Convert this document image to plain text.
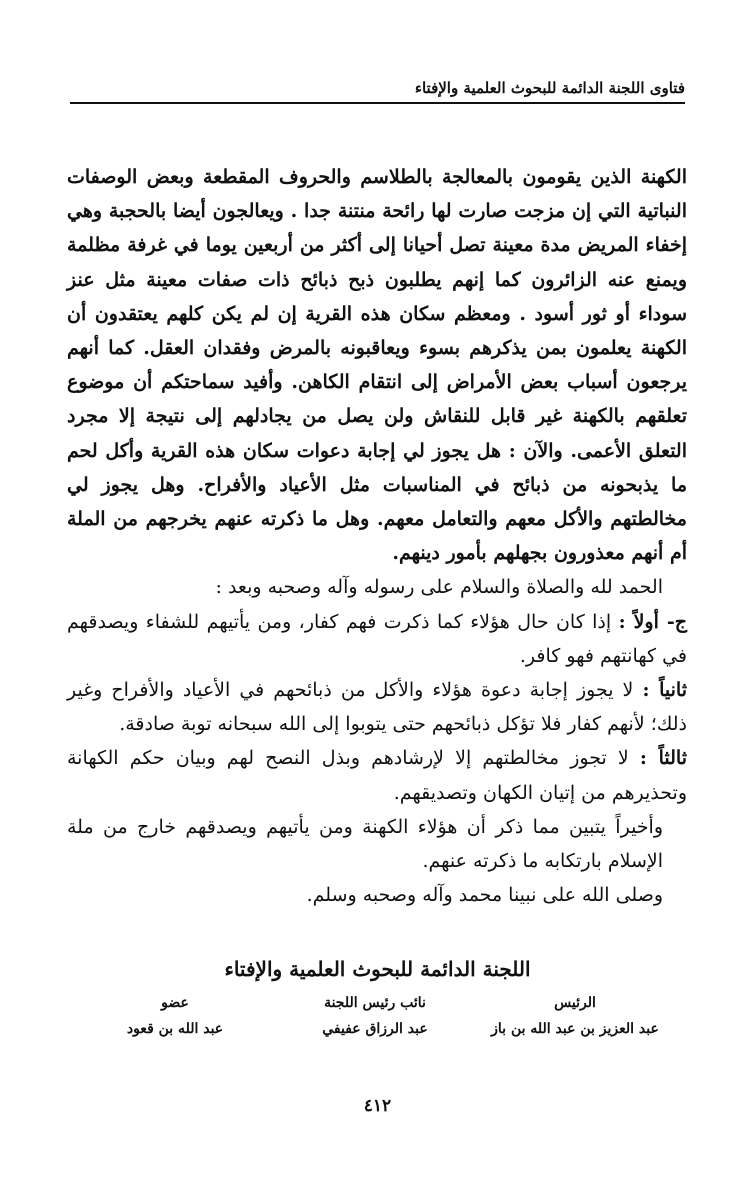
فتاوى اللجنة الدائمة للبحوث العلمية والإفتاء

الكهنة الذين يقومون بالمعالجة بالطلاسم والحروف المقطعة وبعض الوصفات النباتية التي إن مزجت صارت لها رائحة منتنة جدا . ويعالجون أيضا بالحجبة وهي إخفاء المريض مدة معينة تصل أحيانا إلى أكثر من أربعين يوما في غرفة مظلمة ويمنع عنه الزائرون كما إنهم يطلبون ذبح ذبائح ذات صفات معينة مثل عنز سوداء أو ثور أسود . ومعظم سكان هذه القرية إن لم يكن كلهم يعتقدون أن الكهنة يعلمون بمن يذكرهم بسوء ويعاقبونه بالمرض وفقدان العقل. كما أنهم يرجعون أسباب بعض الأمراض إلى انتقام الكاهن. وأفيد سماحتكم أن موضوع تعلقهم بالكهنة غير قابل للنقاش ولن يصل من يجادلهم إلى نتيجة إلا مجرد التعلق الأعمى. والآن : هل يجوز لي إجابة دعوات سكان هذه القرية وأكل لحم ما يذبحونه من ذبائح في المناسبات مثل الأعياد والأفراح. وهل يجوز لي مخالطتهم والأكل معهم والتعامل معهم. وهل ما ذكرته عنهم يخرجهم من الملة أم أنهم معذورون بجهلهم بأمور دينهم.

الحمد لله والصلاة والسلام على رسوله وآله وصحبه وبعد :

ج- أولاً : إذا كان حال هؤلاء كما ذكرت فهم كفار، ومن يأتيهم للشفاء ويصدقهم في كهانتهم فهو كافر.

ثانياً : لا يجوز إجابة دعوة هؤلاء والأكل من ذبائحهم في الأعياد والأفراح وغير ذلك؛ لأنهم كفار فلا تؤكل ذبائحهم حتى يتوبوا إلى الله سبحانه توبة صادقة.

ثالثاً : لا تجوز مخالطتهم إلا لإرشادهم وبذل النصح لهم وبيان حكم الكهانة وتحذيرهم من إتيان الكهان وتصديقهم.

وأخيراً يتبين مما ذكر أن هؤلاء الكهنة ومن يأتيهم ويصدقهم خارج من ملة الإسلام بارتكابه ما ذكرته عنهم.

وصلى الله على نبينا محمد وآله وصحبه وسلم.

اللجنة الدائمة للبحوث العلمية والإفتاء
الرئيس
عبد العزيز بن عبد الله بن باز
نائب رئيس اللجنة
عبد الرزاق عفيفي
عضو
عبد الله بن قعود
٤١٢
